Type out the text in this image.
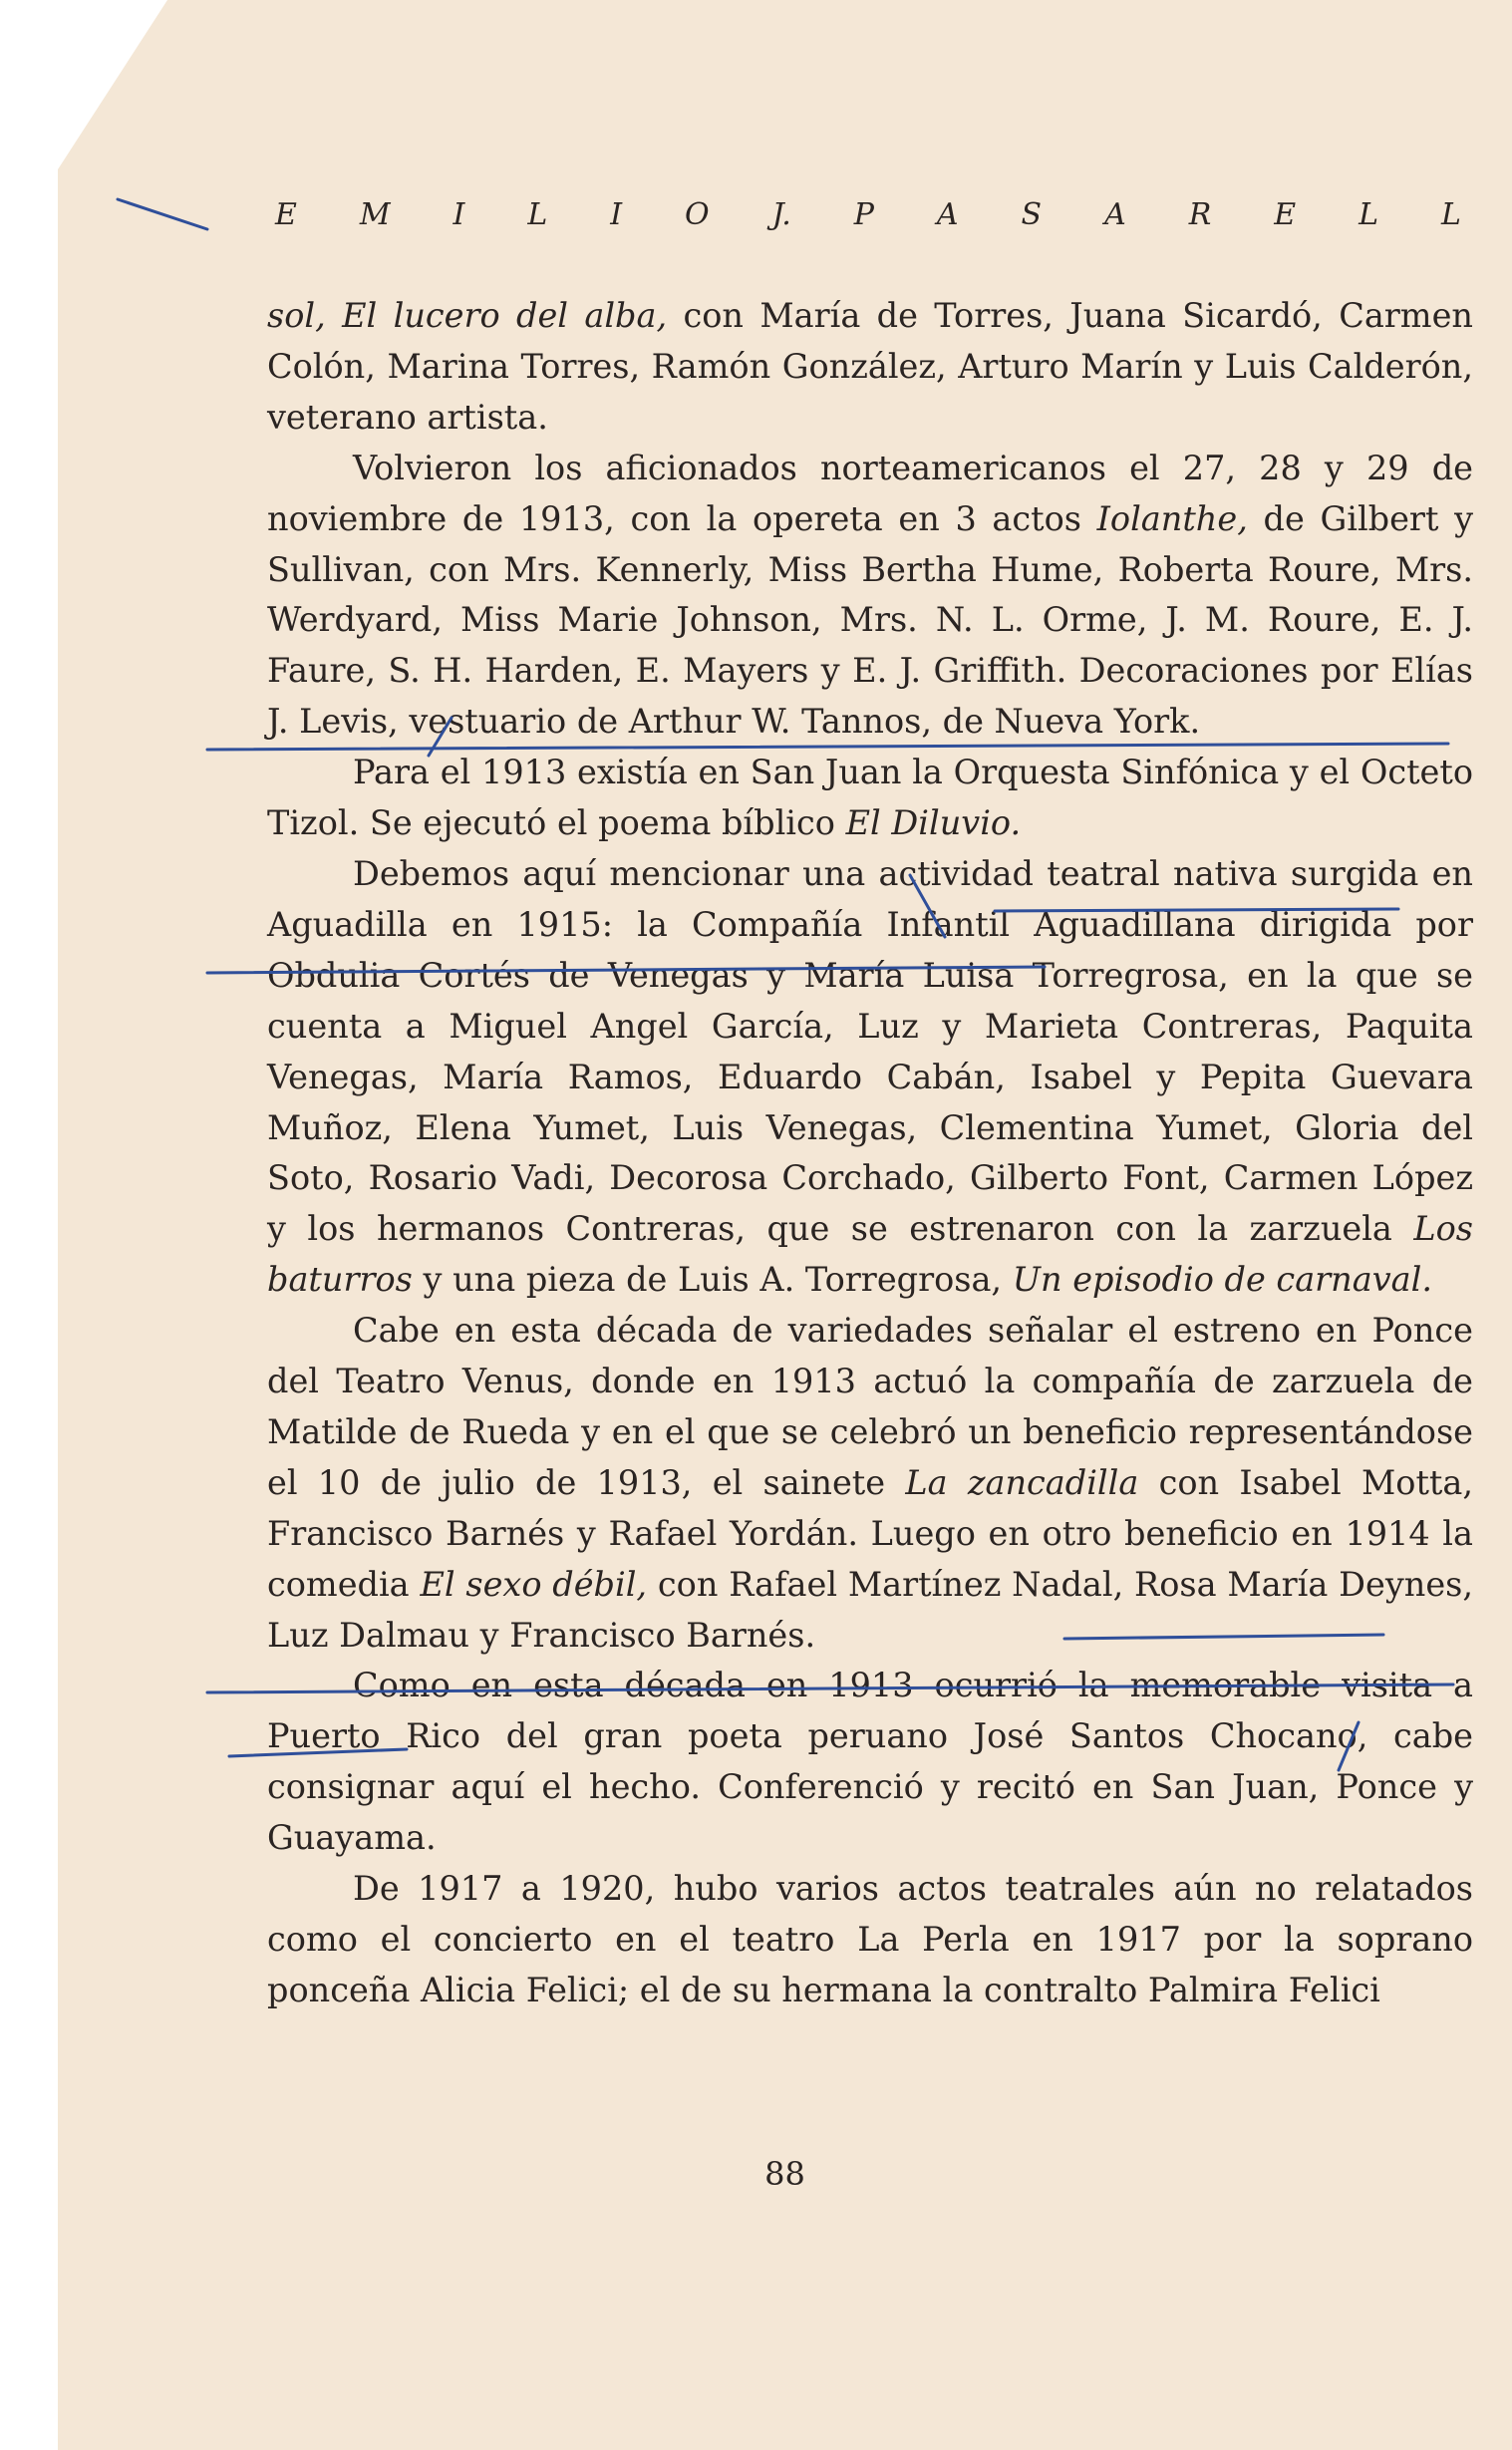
E M I L I O J. P A S A R E L L

sol, El lucero del alba, con María de Torres, Juana Sicardó, Carmen Colón, Marina Torres, Ramón González, Arturo Marín y Luis Calderón, veterano artista.

Volvieron los aficionados norteamericanos el 27, 28 y 29 de noviembre de 1913, con la opereta en 3 actos Iolanthe, de Gilbert y Sullivan, con Mrs. Kennerly, Miss Bertha Hume, Roberta Roure, Mrs. Werdyard, Miss Marie Johnson, Mrs. N. L. Orme, J. M. Roure, E. J. Faure, S. H. Harden, E. Mayers y E. J. Griffith. Decoraciones por Elías J. Levis, vestuario de Arthur W. Tannos, de Nueva York.

Para el 1913 existía en San Juan la Orquesta Sinfónica y el Octeto Tizol. Se ejecutó el poema bíblico El Diluvio.

Debemos aquí mencionar una actividad teatral nativa surgida en Aguadilla en 1915: la Compañía Infantil Aguadillana dirigida por Obdulia Cortés de Venegas y María Luisa Torregrosa, en la que se cuenta a Miguel Angel García, Luz y Marieta Contreras, Paquita Venegas, María Ramos, Eduardo Cabán, Isabel y Pepita Guevara Muñoz, Elena Yumet, Luis Venegas, Clementina Yumet, Gloria del Soto, Rosario Vadi, Decorosa Corchado, Gilberto Font, Carmen López y los hermanos Contreras, que se estrenaron con la zarzuela Los baturros y una pieza de Luis A. Torregrosa, Un episodio de carnaval.

Cabe en esta década de variedades señalar el estreno en Ponce del Teatro Venus, donde en 1913 actuó la compañía de zarzuela de Matilde de Rueda y en el que se celebró un beneficio representándose el 10 de julio de 1913, el sainete La zancadilla con Isabel Motta, Francisco Barnés y Rafael Yordán. Luego en otro beneficio en 1914 la comedia El sexo débil, con Rafael Martínez Nadal, Rosa María Deynes, Luz Dalmau y Francisco Barnés.

Como en esta década en 1913 ocurrió la memorable visita a Puerto Rico del gran poeta peruano José Santos Chocano, cabe consignar aquí el hecho. Conferenció y recitó en San Juan, Ponce y Guayama.

De 1917 a 1920, hubo varios actos teatrales aún no relatados como el concierto en el teatro La Perla en 1917 por la soprano ponceña Alicia Felici; el de su hermana la contralto Palmira Felici

88
